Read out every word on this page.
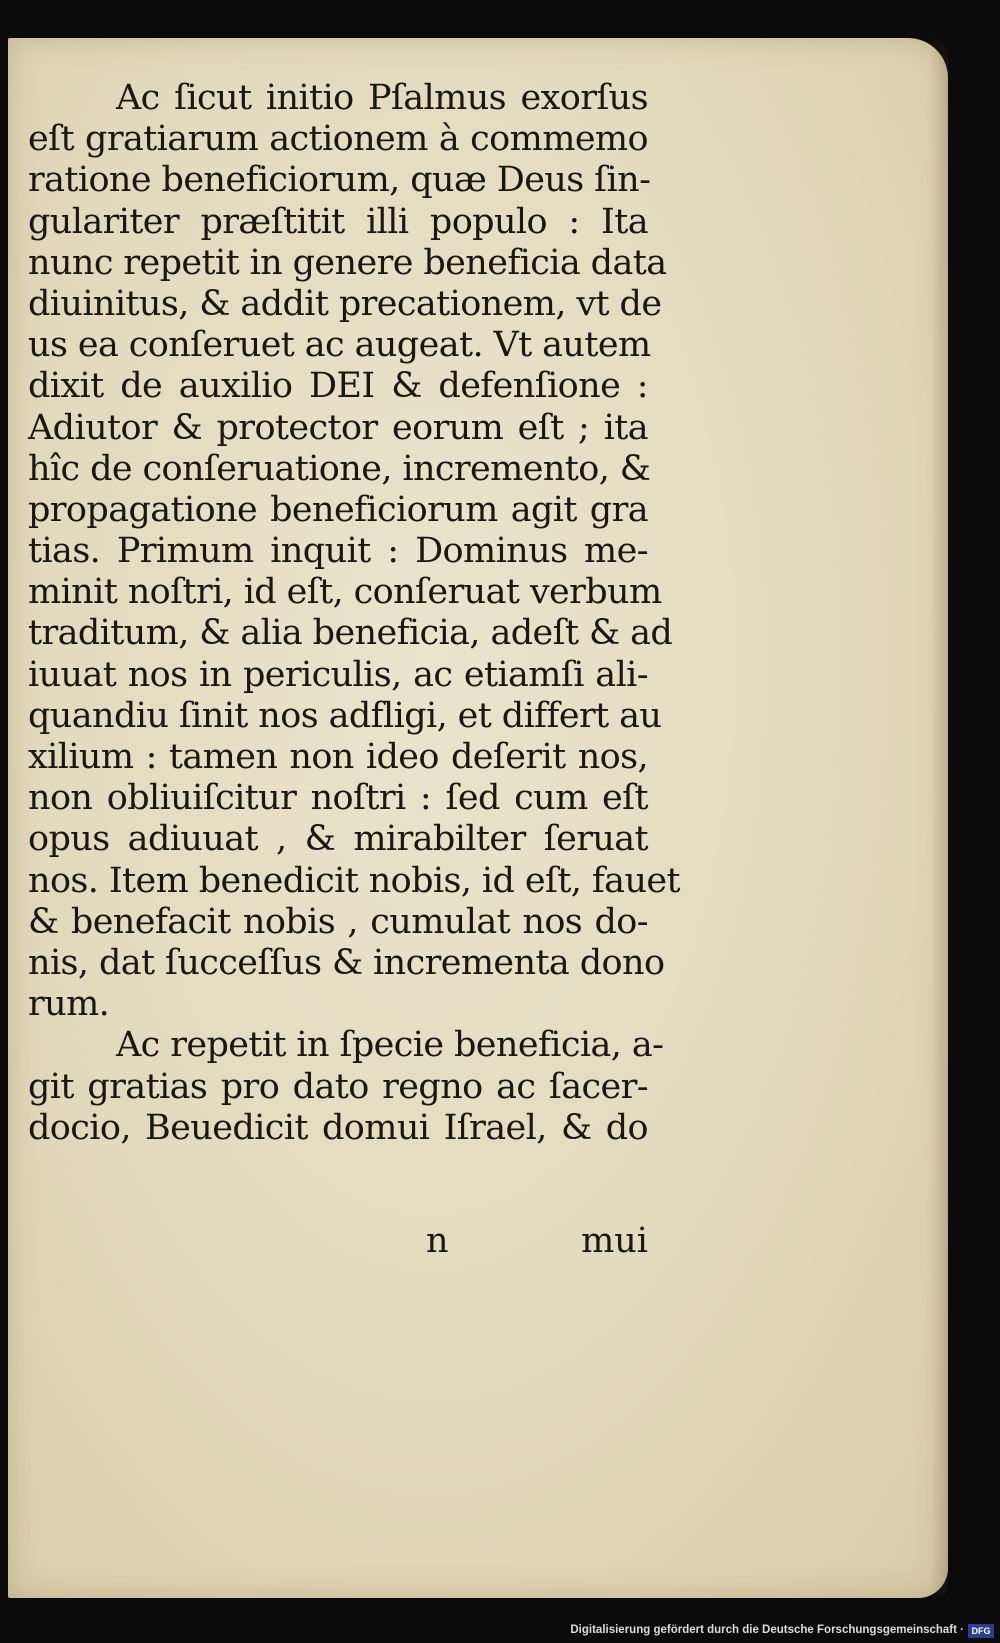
Ac ſicut initio Pſalmus exorſus
eſt gratiarum actionem à commemo
ratione beneficiorum, quæ Deus ſin‑
gulariter præſtitit illi populo : Ita
nunc repetit in genere beneficia data
diuinitus, & addit precationem, vt de
us ea conſeruet ac augeat. Vt autem
dixit de auxilio DEI & defenſione :
Adiutor & protector eorum eſt ; ita
hîc de conſeruatione, incremento, &
propagatione beneficiorum agit gra
tias. Primum inquit : Dominus me‑
minit noſtri, id eſt, conſeruat verbum
traditum, & alia beneficia, adeſt & ad
iuuat nos in periculis, ac etiamſi ali‑
quandiu ſinit nos adfligi, et differt au
xilium : tamen non ideo deſerit nos,
non obliuiſcitur noſtri : ſed cum eſt
opus adiuuat , & mirabilter ſeruat
nos. Item benedicit nobis, id eſt, fauet
& benefacit nobis , cumulat nos do‑
nis, dat ſucceſſus & incrementa dono
rum.
Ac repetit in ſpecie beneficia, a‑
git gratias pro dato regno ac ſacer‑
docio, Beuedicit domui Iſrael, & do
n	mui
Digitalisierung gefördert durch die Deutsche Forschungsgemeinschaft · DFG
